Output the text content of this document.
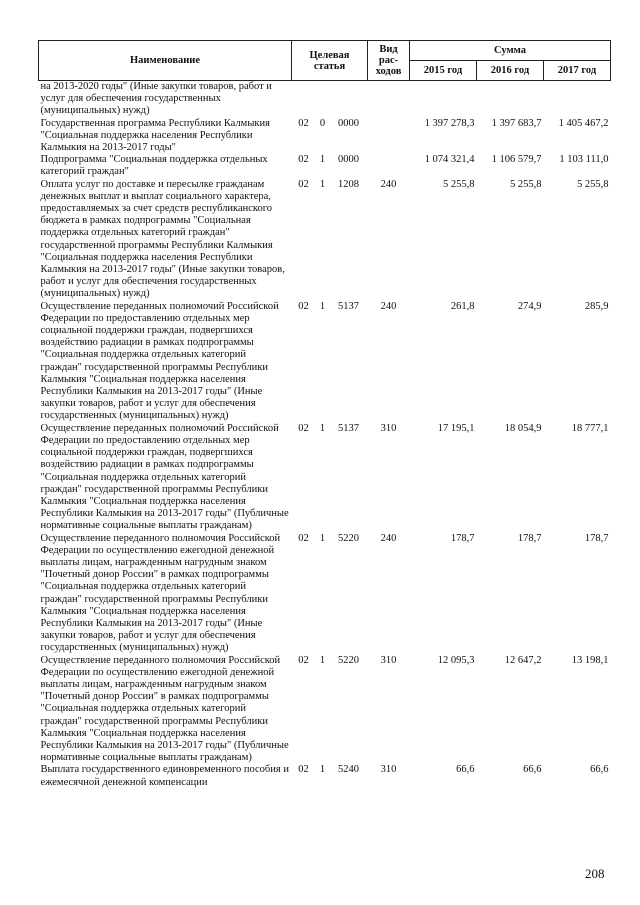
Наименование	Целевая статья			Вид рас-ходов	Сумма		
					2015 год	2016 год	2017 год
на 2013-2020 годы" (Иные закупки товаров, работ и услуг для обеспечения государственных (муниципальных) нужд)							
Государственная программа Республики Калмыкия "Социальная поддержка населения Республики Калмыкия на 2013-2017 годы"	02	0	0000		1 397 278,3	1 397 683,7	1 405 467,2
Подпрограмма "Социальная поддержка отдельных категорий граждан"	02	1	0000		1 074 321,4	1 106 579,7	1 103 111,0
Оплата услуг по доставке и пересылке гражданам денежных выплат и выплат социального характера, предоставляемых за счет средств республиканского бюджета в рамках подпрограммы "Социальная поддержка отдельных категорий граждан" государственной программы Республики Калмыкия "Социальная поддержка населения Республики Калмыкия на 2013-2017 годы" (Иные закупки товаров, работ и услуг для обеспечения государственных (муниципальных) нужд)	02	1	1208	240	5 255,8	5 255,8	5 255,8
Осуществление переданных полномочий Российской Федерации по предоставлению отдельных мер социальной поддержки граждан, подвергшихся воздействию радиации в рамках подпрограммы "Социальная поддержка отдельных категорий граждан" государственной программы Республики Калмыкия "Социальная поддержка населения Республики Калмыкия на 2013-2017 годы" (Иные закупки товаров, работ и услуг для обеспечения государственных (муниципальных) нужд)	02	1	5137	240	261,8	274,9	285,9
Осуществление переданных полномочий Российской Федерации по предоставлению отдельных мер социальной поддержки граждан, подвергшихся воздействию радиации в рамках подпрограммы "Социальная поддержка отдельных категорий граждан" государственной программы Республики Калмыкия "Социальная поддержка населения Республики Калмыкия на 2013-2017 годы" (Публичные нормативные социальные выплаты гражданам)	02	1	5137	310	17 195,1	18 054,9	18 777,1
Осуществление переданного полномочия Российской Федерации по осуществлению ежегодной денежной выплаты лицам, награжденным нагрудным знаком "Почетный донор России" в рамках подпрограммы "Социальная поддержка отдельных категорий граждан" государственной программы Республики Калмыкия "Социальная поддержка населения Республики Калмыкия на 2013-2017 годы" (Иные закупки товаров, работ и услуг для обеспечения государственных (муниципальных) нужд)	02	1	5220	240	178,7	178,7	178,7
Осуществление переданного полномочия Российской Федерации по осуществлению ежегодной денежной выплаты лицам, награжденным нагрудным знаком "Почетный донор России" в рамках подпрограммы "Социальная поддержка отдельных категорий граждан" государственной программы Республики Калмыкия "Социальная поддержка населения Республики Калмыкия на 2013-2017 годы" (Публичные нормативные социальные выплаты гражданам)	02	1	5220	310	12 095,3	12 647,2	13 198,1
Выплата государственного единовременного пособия и ежемесячной денежной компенсации	02	1	5240	310	66,6	66,6	66,6
208
